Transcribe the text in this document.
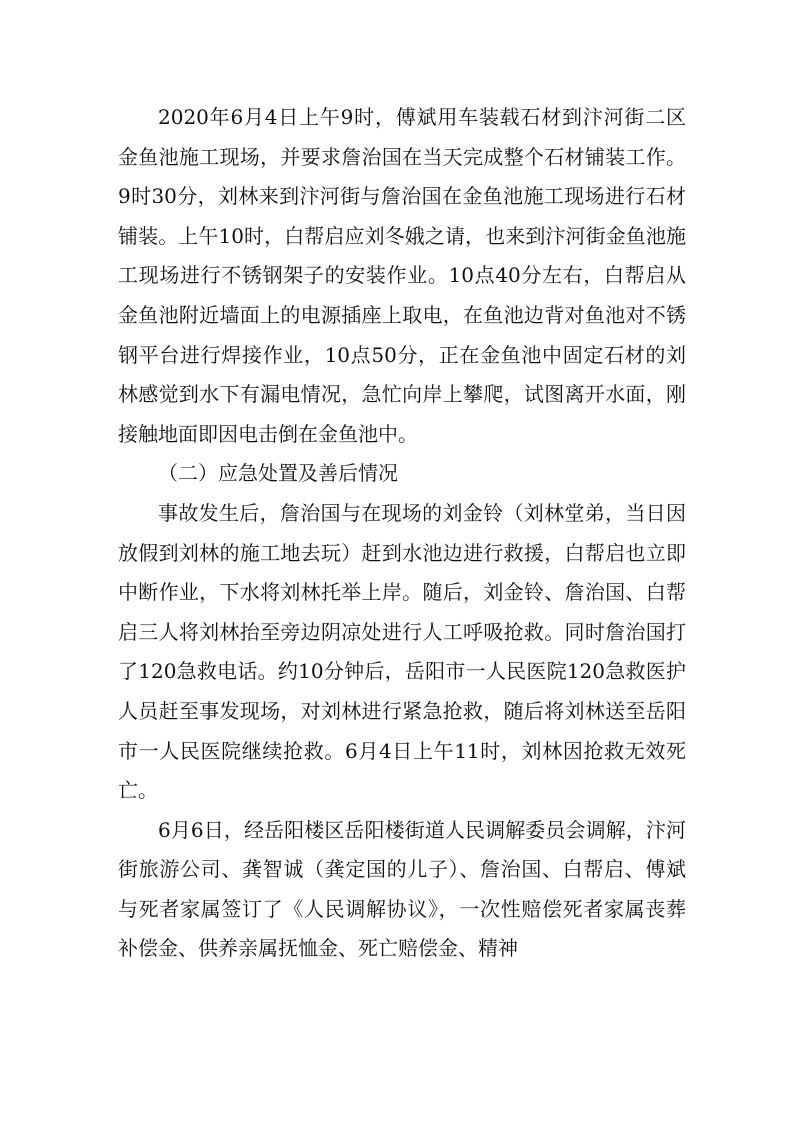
2020年6月4日上午9时，傅斌用车装载石材到汴河街二区金鱼池施工现场，并要求詹治国在当天完成整个石材铺装工作。9时30分，刘林来到汴河街与詹治国在金鱼池施工现场进行石材铺装。上午10时，白帮启应刘冬娥之请，也来到汴河街金鱼池施工现场进行不锈钢架子的安装作业。10点40分左右，白帮启从金鱼池附近墙面上的电源插座上取电，在鱼池边背对鱼池对不锈钢平台进行焊接作业，10点50分，正在金鱼池中固定石材的刘林感觉到水下有漏电情况，急忙向岸上攀爬，试图离开水面，刚接触地面即因电击倒在金鱼池中。

（二）应急处置及善后情况

事故发生后，詹治国与在现场的刘金铃（刘林堂弟，当日因放假到刘林的施工地去玩）赶到水池边进行救援，白帮启也立即中断作业，下水将刘林托举上岸。随后，刘金铃、詹治国、白帮启三人将刘林抬至旁边阴凉处进行人工呼吸抢救。同时詹治国打了120急救电话。约10分钟后，岳阳市一人民医院120急救医护人员赶至事发现场，对刘林进行紧急抢救，随后将刘林送至岳阳市一人民医院继续抢救。6月4日上午11时，刘林因抢救无效死亡。

6月6日，经岳阳楼区岳阳楼街道人民调解委员会调解，汴河街旅游公司、龚智诚（龚定国的儿子）、詹治国、白帮启、傅斌与死者家属签订了《人民调解协议》，一次性赔偿死者家属丧葬补偿金、供养亲属抚恤金、死亡赔偿金、精神
